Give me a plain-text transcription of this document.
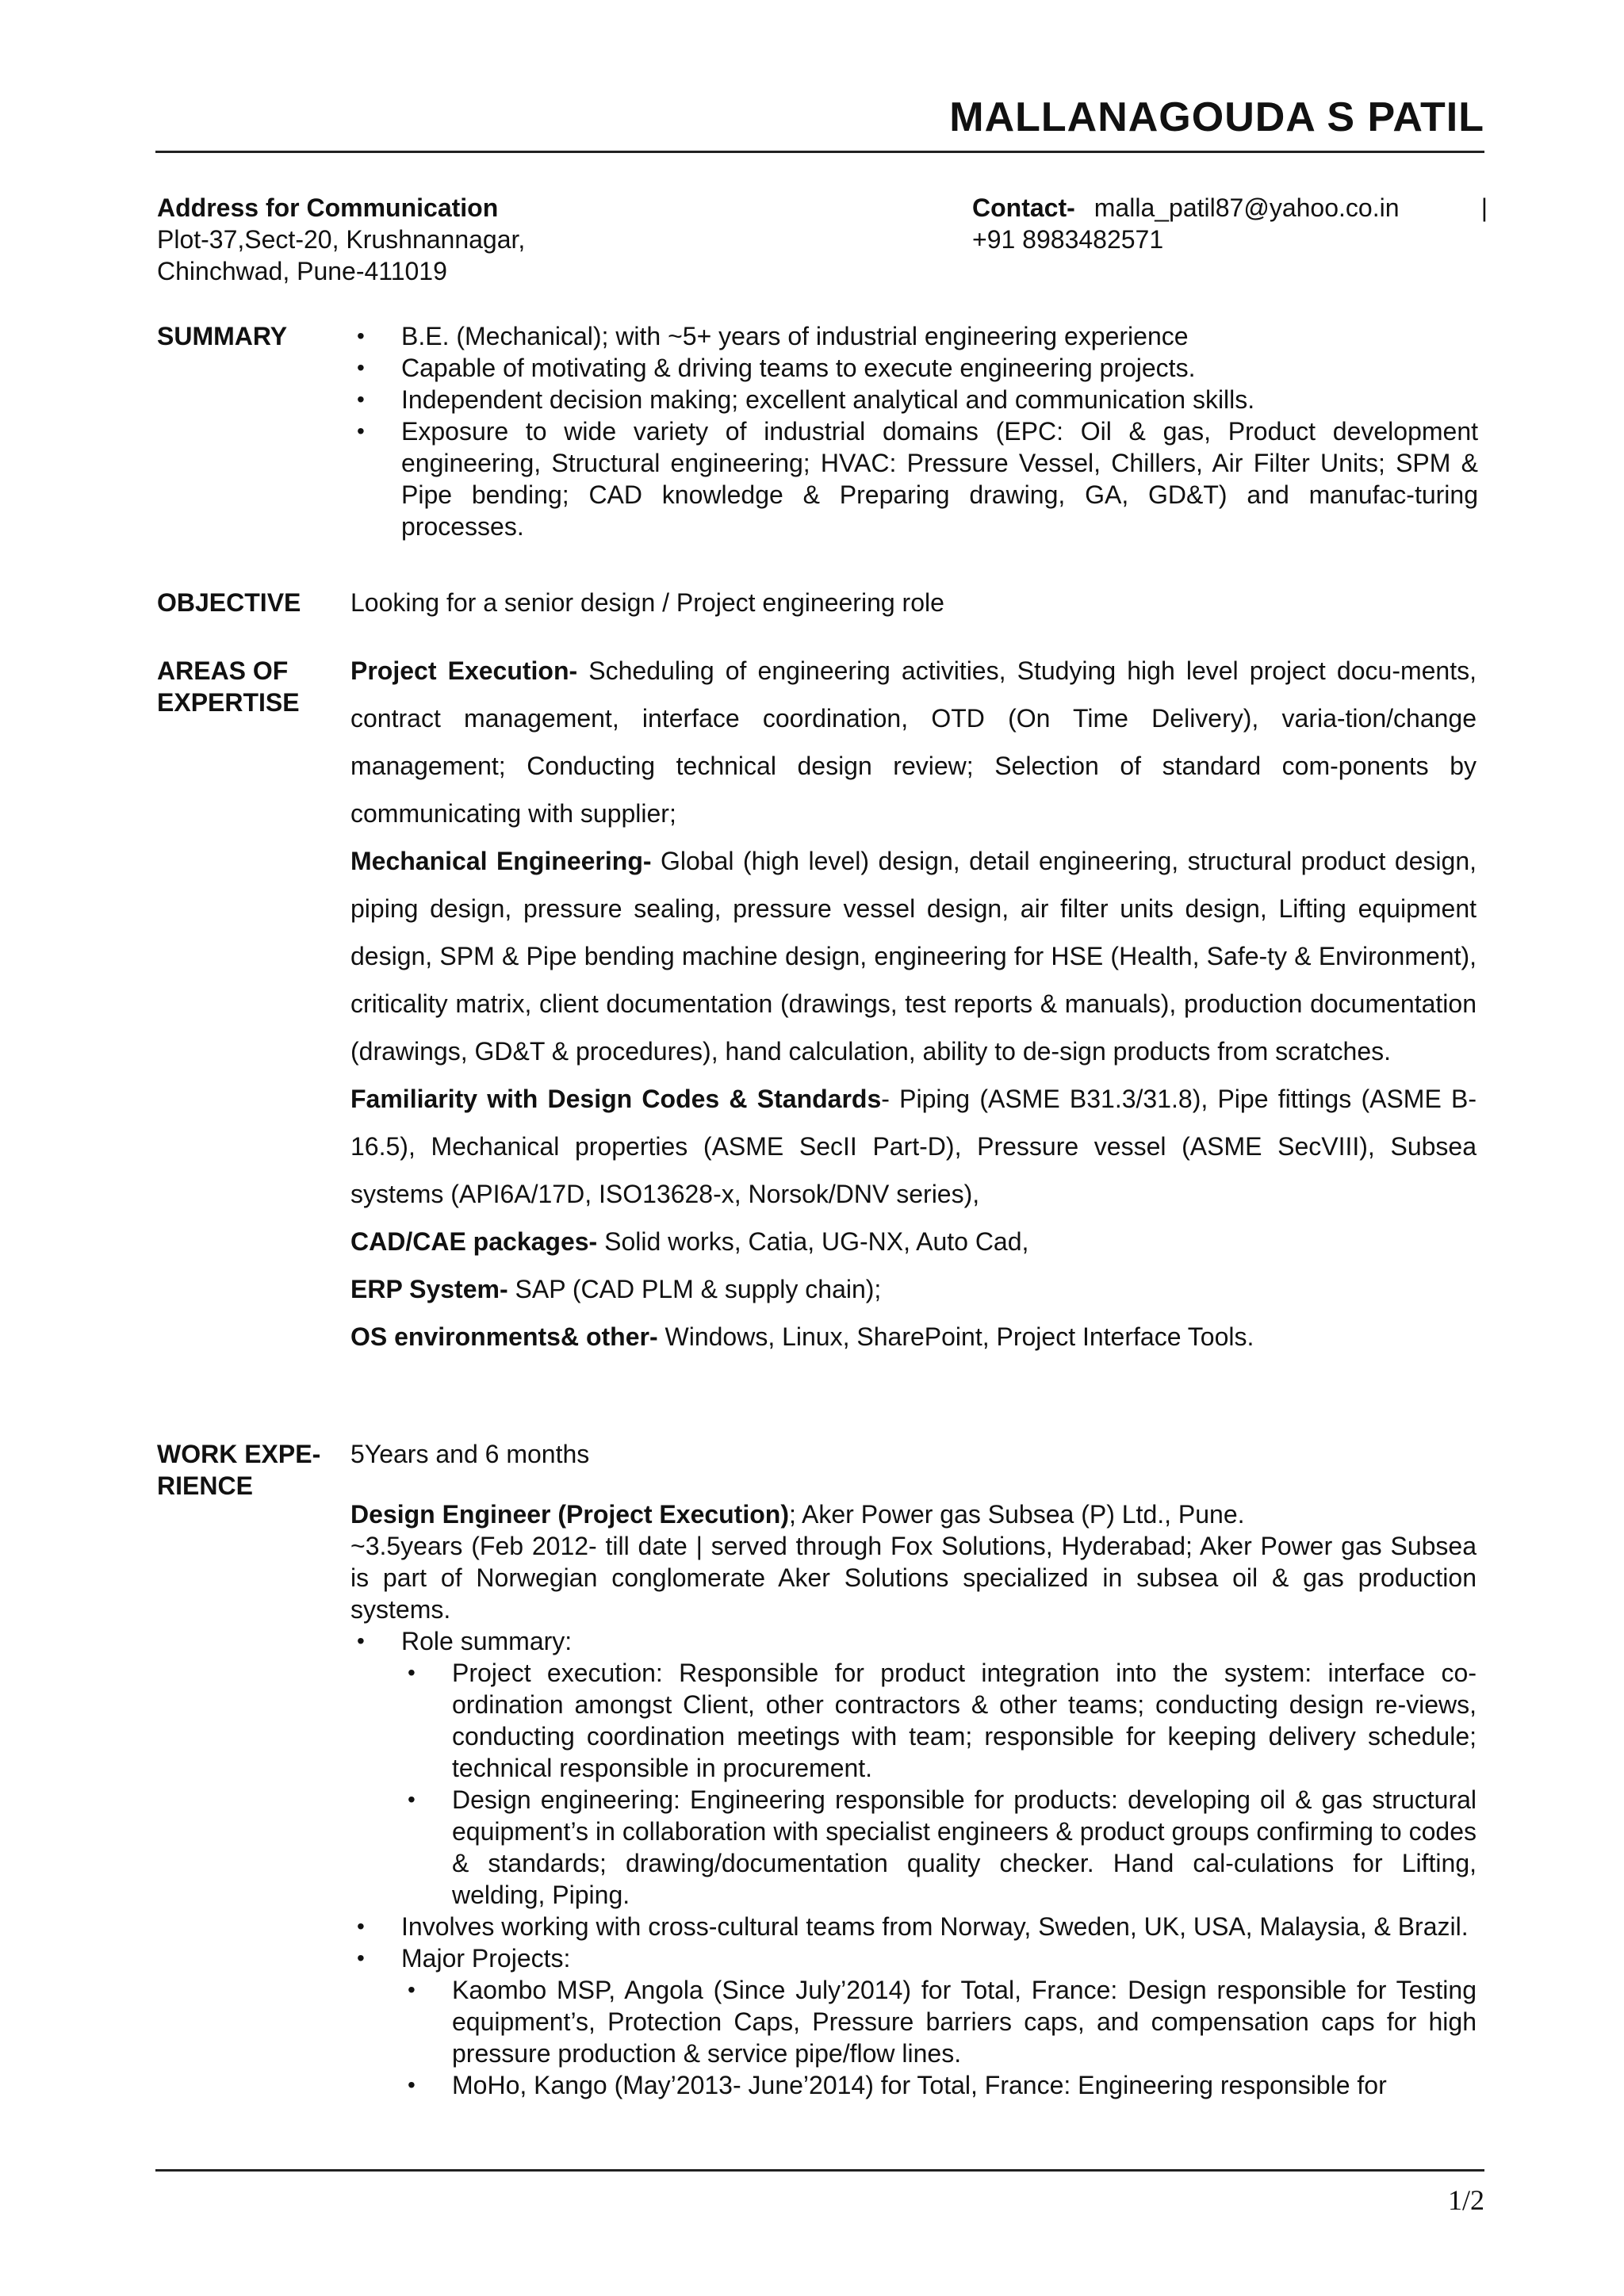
MALLANAGOUDA S PATIL
Address for Communication
Plot-37,Sect-20, Krushnannagar,
Chinchwad, Pune-411019
Contact- malla_patil87@yahoo.co.in	|
+91 8983482571
SUMMARY
•	B.E. (Mechanical); with ~5+ years of industrial engineering experience
• Capable of motivating & driving teams to execute engineering projects.
• Independent decision making; excellent analytical and communication skills.
• Exposure to wide variety of industrial domains (EPC: Oil & gas, Product development engineering, Structural engineering; HVAC: Pressure Vessel, Chillers, Air Filter Units; SPM & Pipe bending; CAD knowledge & Preparing drawing, GA, GD&T) and manufac-turing processes.
OBJECTIVE	Looking for a senior design / Project engineering role
AREAS OF
EXPERTISE

Project Execution- Scheduling of engineering activities, Studying high level project docu-ments, contract management, interface coordination, OTD (On Time Delivery), varia-tion/change management; Conducting technical design review; Selection of standard com-ponents by communicating with supplier;

Mechanical Engineering- Global (high level) design, detail engineering, structural product design, piping design, pressure sealing, pressure vessel design, air filter units design, Lifting equipment design, SPM & Pipe bending machine design, engineering for HSE (Health, Safe-ty & Environment), criticality matrix, client documentation (drawings, test reports & manuals), production documentation (drawings, GD&T & procedures), hand calculation, ability to de-sign products from scratches.

Familiarity with Design Codes & Standards- Piping (ASME B31.3/31.8), Pipe fittings (ASME B-16.5), Mechanical properties (ASME SecII Part-D), Pressure vessel (ASME SecVIII), Subsea systems (API6A/17D, ISO13628-x, Norsok/DNV series),

CAD/CAE packages- Solid works, Catia, UG-NX, Auto Cad,

ERP System- SAP (CAD PLM & supply chain);

OS environments& other- Windows, Linux, SharePoint, Project Interface Tools.

WORK EXPE-
RIENCE

5Years and 6 months

Design Engineer (Project Execution); Aker Power gas Subsea (P) Ltd., Pune.

~3.5years (Feb 2012- till date | served through Fox Solutions, Hyderabad; Aker Power gas Subsea is part of Norwegian conglomerate Aker Solutions specialized in subsea oil & gas production systems.

• Role summary:
• Project execution: Responsible for product integration into the system: interface co-ordination amongst Client, other contractors & other teams; conducting design re-views, conducting coordination meetings with team; responsible for keeping delivery schedule; technical responsible in procurement.
• Design engineering: Engineering responsible for products: developing oil & gas structural equipment’s in collaboration with specialist engineers & product groups confirming to codes & standards; drawing/documentation quality checker. Hand cal-culations for Lifting, welding, Piping.
• Involves working with cross-cultural teams from Norway, Sweden, UK, USA, Malaysia, & Brazil.
• Major Projects:
• Kaombo MSP, Angola (Since July’2014) for Total, France: Design responsible for Testing equipment’s, Protection Caps, Pressure barriers caps, and compensation caps for high pressure production & service pipe/flow lines.
• MoHo, Kango (May’2013- June’2014) for Total, France: Engineering responsible for
1/2
